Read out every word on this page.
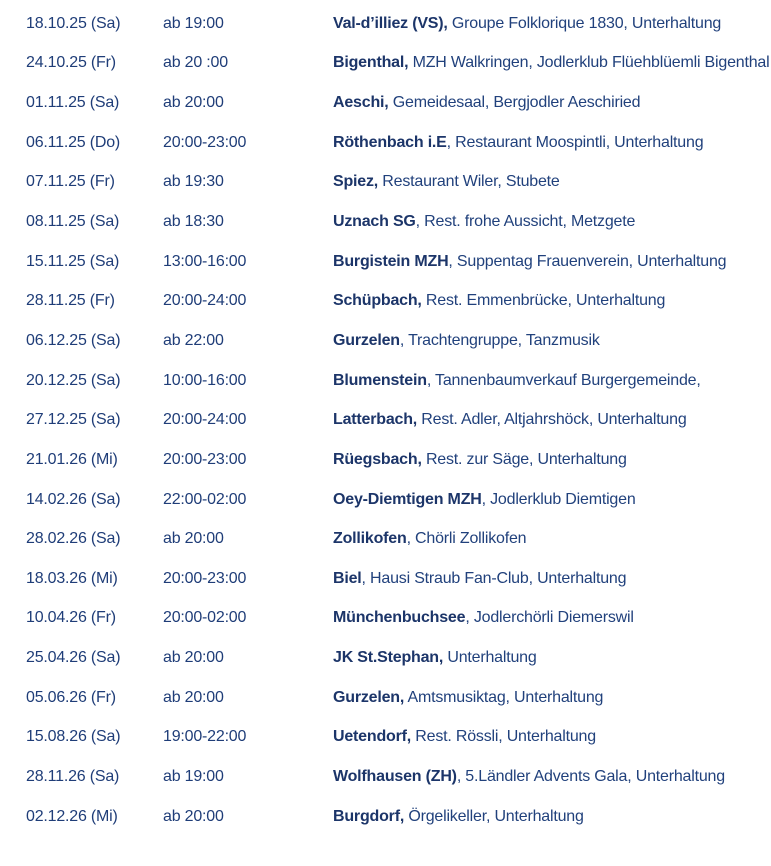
18.10.25 (Sa)	ab 19:00	Val-d’illiez (VS), Groupe Folklorique 1830, Unterhaltung
24.10.25 (Fr)	ab 20 :00	Bigenthal, MZH Walkringen, Jodlerklub Flüehblüemli Bigenthal
01.11.25 (Sa)	ab 20:00	Aeschi, Gemeidesaal, Bergjodler Aeschiried
06.11.25 (Do)	20:00-23:00	Röthenbach i.E, Restaurant Moospintli, Unterhaltung
07.11.25 (Fr)	ab 19:30	Spiez, Restaurant Wiler, Stubete
08.11.25 (Sa)	ab 18:30	Uznach SG, Rest. frohe Aussicht, Metzgete
15.11.25 (Sa)	13:00-16:00	Burgistein MZH, Suppentag Frauenverein, Unterhaltung
28.11.25 (Fr)	20:00-24:00	Schüpbach, Rest. Emmenbrücke, Unterhaltung
06.12.25 (Sa)	ab 22:00	Gurzelen, Trachtengruppe, Tanzmusik
20.12.25 (Sa)	10:00-16:00	Blumenstein, Tannenbaumverkauf Burgergemeinde,
27.12.25 (Sa)	20:00-24:00	Latterbach, Rest. Adler, Altjahrshöck, Unterhaltung
21.01.26 (Mi)	20:00-23:00	Rüegsbach, Rest. zur Säge, Unterhaltung
14.02.26 (Sa)	22:00-02:00	Oey-Diemtigen MZH, Jodlerklub Diemtigen
28.02.26 (Sa)	ab 20:00	Zollikofen, Chörli Zollikofen
18.03.26 (Mi)	20:00-23:00	Biel, Hausi Straub Fan-Club, Unterhaltung
10.04.26 (Fr)	20:00-02:00	Münchenbuchsee, Jodlerchörli Diemerswil
25.04.26 (Sa)	ab 20:00	JK St.Stephan, Unterhaltung
05.06.26 (Fr)	ab 20:00	Gurzelen, Amtsmusiktag, Unterhaltung
15.08.26 (Sa)	19:00-22:00	Uetendorf, Rest. Rössli, Unterhaltung
28.11.26 (Sa)	ab 19:00	Wolfhausen (ZH), 5.Ländler Advents Gala, Unterhaltung
02.12.26 (Mi)	ab 20:00	Burgdorf, Örgelikeller, Unterhaltung
